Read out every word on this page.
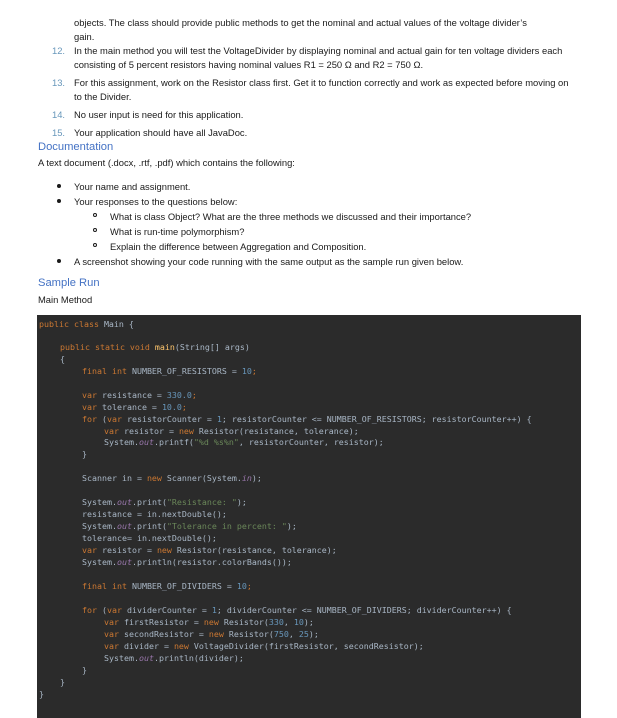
objects. The class should provide public methods to get the nominal and actual values of the voltage divider’s
gain.
12. In the main method you will test the VoltageDivider by displaying nominal and actual gain for ten voltage dividers each consisting of 5 percent resistors having nominal values R1 = 250 Ω and R2 = 750 Ω.
13. For this assignment, work on the Resistor class first. Get it to function correctly and work as expected before moving on to the Divider.
14. No user input is need for this application.
15. Your application should have all JavaDoc.
Documentation
A text document (.docx, .rtf, .pdf) which contains the following:
Your name and assignment.
Your responses to the questions below:
What is class Object? What are the three methods we discussed and their importance?
What is run-time polymorphism?
Explain the difference between Aggregation and Composition.
A screenshot showing your code running with the same output as the sample run given below.
Sample Run
Main Method

public class Main {

public static void main(String[] args)

{

final int NUMBER_OF_RESISTORS = 10;

var resistance = 330.0;

var tolerance = 10.0;

for (var resistorCounter = 1; resistorCounter <= NUMBER_OF_RESISTORS; resistorCounter++) {

var resistor = new Resistor(resistance, tolerance);

System.out.printf("%d %s%n", resistorCounter, resistor);

}

Scanner in = new Scanner(System.in);

System.out.print("Resistance: ");

resistance = in.nextDouble();

System.out.print("Tolerance in percent: ");

tolerance= in.nextDouble();

var resistor = new Resistor(resistance, tolerance);

System.out.println(resistor.colorBands());

final int NUMBER_OF_DIVIDERS = 10;

for (var dividerCounter = 1; dividerCounter <= NUMBER_OF_DIVIDERS; dividerCounter++) {

var firstResistor = new Resistor(330, 10);

var secondResistor = new Resistor(750, 25);

var divider = new VoltageDivider(firstResistor, secondResistor);

System.out.println(divider);

}

}

}
